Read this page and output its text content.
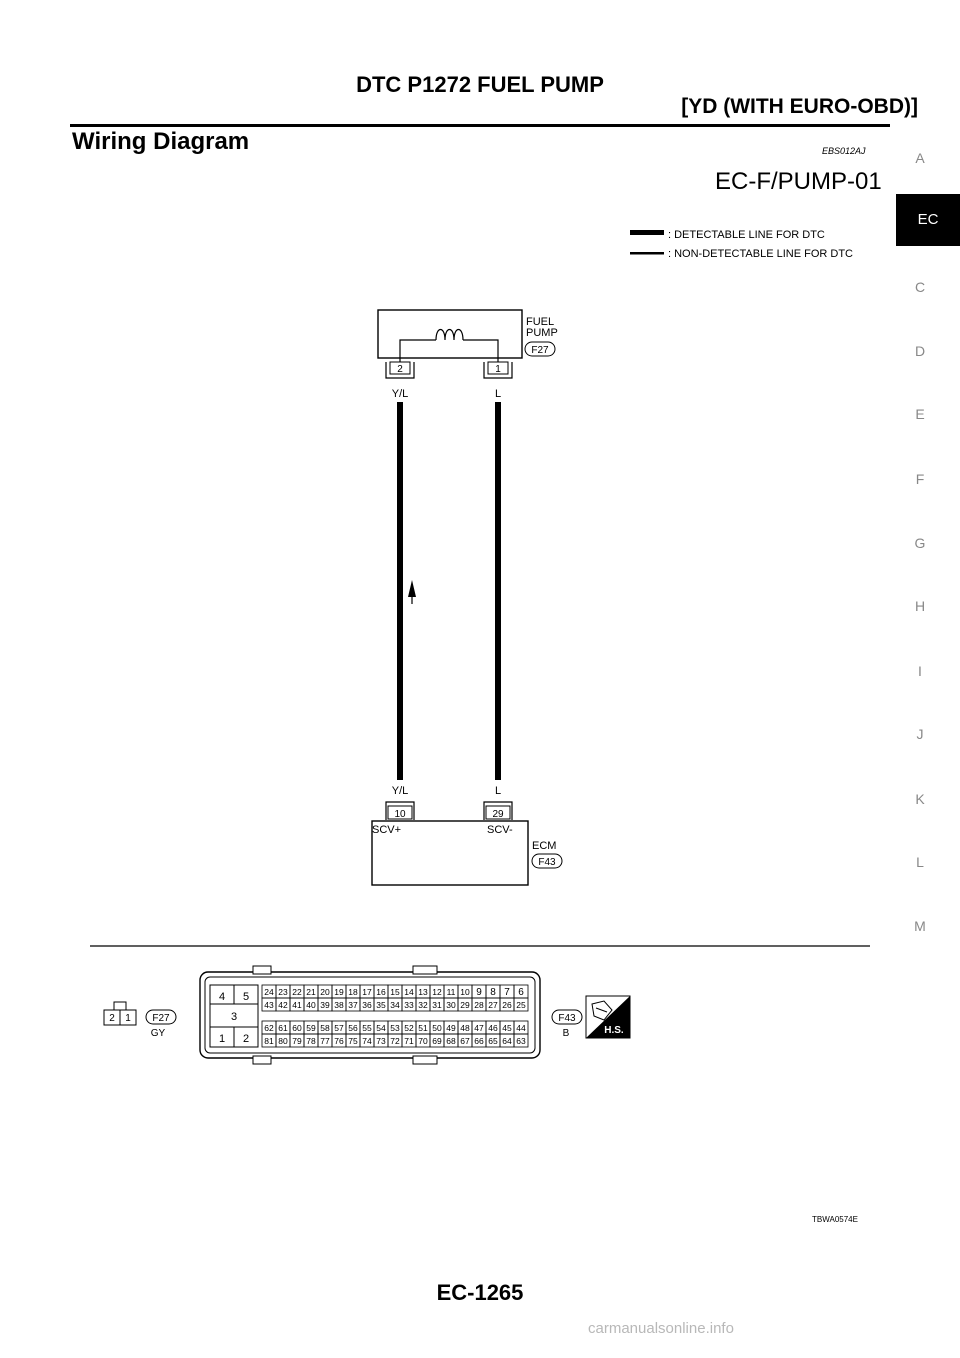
DTC P1272 FUEL PUMP
[YD (WITH EURO-OBD)]
Wiring Diagram	EBS012AJ
EC-F/PUMP-01
A
EC
C
D
E
F
G
H
I
J
K
L
M
: DETECTABLE LINE FOR DTC
: NON-DETECTABLE LINE FOR DTC
FUEL
PUMP
F27
2	1
Y/L	L
Y/L	L
10	29
SCV+	SCV-
ECM
F43
2 1 F27
GY
4 5
3
1 2
24 23 22 21 20 19 18 17 16 15 14 13 12 11 10 9 8 7 6
43 42 41 40 39 38 37 36 35 34 33 32 31 30 29 28 27 26 25
62 61 60 59 58 57 56 55 54 53 52 51 50 49 48 47 46 45 44
81 80 79 78 77 76 75 74 73 72 71 70 69 68 67 66 65 64 63
F43
B	H.S.
TBWA0574E
EC-1265
carmanualsonline.info
